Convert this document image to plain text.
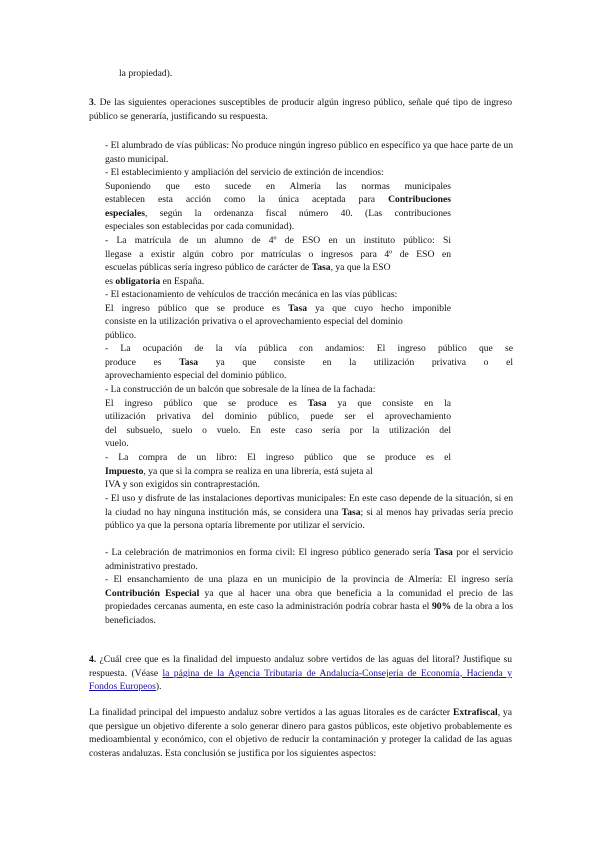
la propiedad).

3. De las siguientes operaciones susceptibles de producir algún ingreso público, señale qué tipo de ingreso público se generaría, justificando su respuesta.

- El alumbrado de vías públicas: No produce ningún ingreso público en específico ya que hace parte de un gasto municipal.

- El establecimiento y ampliación del servicio de extinción de incendios:
Suponiendo que esto sucede en Almería las normas municipales
establecen esta acción como la única aceptada para Contribuciones
especiales, según la ordenanza fiscal número 40. (Las contribuciones
especiales son establecidas por cada comunidad).
- La matrícula de un alumno de 4º de ESO en un instituto público: Si
llegase a existir algún cobro por matrículas o ingresos para 4º de ESO en
escuelas públicas sería ingreso público de carácter de Tasa, ya que la ESO
es obligatoria en España.
- El estacionamiento de vehículos de tracción mecánica en las vías públicas:
El ingreso público que se produce es Tasa ya que cuyo hecho imponible
consiste en la utilización privativa o el aprovechamiento especial del dominio
público.
- La ocupación de la vía pública con andamios: El ingreso público que se
produce es Tasa ya que consiste en la utilización privativa o el
aprovechamiento especial del dominio público.
- La construcción de un balcón que sobresale de la línea de la fachada:
El ingreso público que se produce es Tasa ya que consiste en la
utilización privativa del dominio público, puede ser el aprovechamiento
del subsuelo, suelo o vuelo. En este caso sería por la utilización del
vuelo.
- La compra de un libro: El ingreso público que se produce es el
Impuesto, ya que si la compra se realiza en una librería, está sujeta al
IVA y son exigidos sin contraprestación.

- El uso y disfrute de las instalaciones deportivas municipales: En este caso depende de la situación, si en la ciudad no hay ninguna institución más, se considera una Tasa; si al menos hay privadas sería precio público ya que la persona optaría libremente por utilizar el servicio.

- La celebración de matrimonios en forma civil: El ingreso público generado sería Tasa por el servicio administrativo prestado.

- El ensanchamiento de una plaza en un municipio de la provincia de Almería: El ingreso sería Contribución Especial ya que al hacer una obra que beneficia a la comunidad el precio de las propiedades cercanas aumenta, en este caso la administración podría cobrar hasta el 90% de la obra a los beneficiados.

4. ¿Cuál cree que es la finalidad del impuesto andaluz sobre vertidos de las aguas del litoral? Justifique su respuesta. (Véase la página de la Agencia Tributaria de Andalucía-Consejería de Economía, Hacienda y Fondos Europeos).

La finalidad principal del impuesto andaluz sobre vertidos a las aguas litorales es de carácter Extrafiscal, ya que persigue un objetivo diferente a solo generar dinero para gastos públicos, este objetivo probablemente es medioambiental y económico, con el objetivo de reducir la contaminación y proteger la calidad de las aguas costeras andaluzas. Esta conclusión se justifica por los siguientes aspectos:
